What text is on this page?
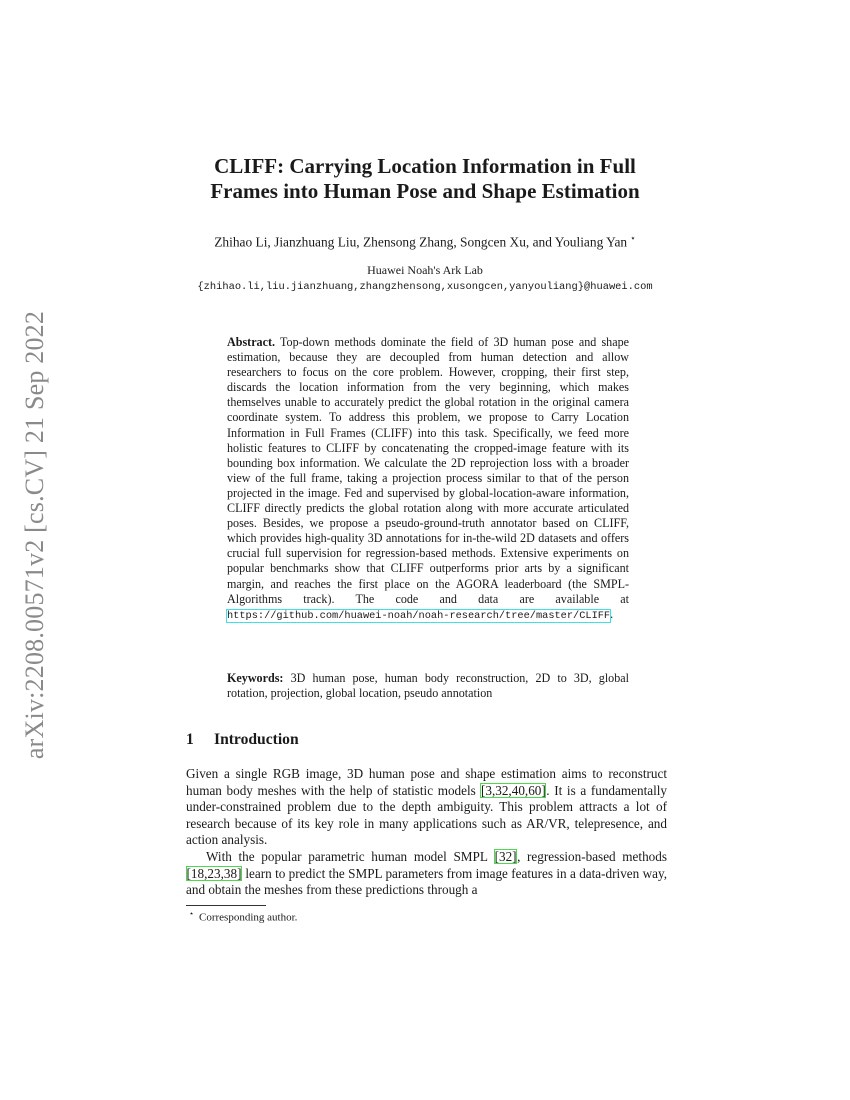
arXiv:2208.00571v2 [cs.CV] 21 Sep 2022
CLIFF: Carrying Location Information in Full
Frames into Human Pose and Shape Estimation
Zhihao Li, Jianzhuang Liu, Zhensong Zhang, Songcen Xu, and Youliang Yan ⋆
Huawei Noah's Ark Lab
{zhihao.li,liu.jianzhuang,zhangzhensong,xusongcen,yanyouliang}@huawei.com

Abstract. Top-down methods dominate the field of 3D human pose and shape estimation, because they are decoupled from human detection and allow researchers to focus on the core problem. However, cropping, their first step, discards the location information from the very beginning, which makes themselves unable to accurately predict the global rotation in the original camera coordinate system. To address this problem, we propose to Carry Location Information in Full Frames (CLIFF) into this task. Specifically, we feed more holistic features to CLIFF by concatenating the cropped-image feature with its bounding box information. We calculate the 2D reprojection loss with a broader view of the full frame, taking a projection process similar to that of the person projected in the image. Fed and supervised by global-location-aware information, CLIFF directly predicts the global rotation along with more accurate articulated poses. Besides, we propose a pseudo-ground-truth annotator based on CLIFF, which provides high-quality 3D annotations for in-the-wild 2D datasets and offers crucial full supervision for regression-based methods. Extensive experiments on popular benchmarks show that CLIFF outperforms prior arts by a significant margin, and reaches the first place on the AGORA leaderboard (the SMPL-Algorithms track). The code and data are available at https://github.com/huawei-noah/noah-research/tree/master/CLIFF.

Keywords: 3D human pose, human body reconstruction, 2D to 3D, global rotation, projection, global location, pseudo annotation
1 Introduction

Given a single RGB image, 3D human pose and shape estimation aims to reconstruct human body meshes with the help of statistic models [3,32,40,60]. It is a fundamentally under-constrained problem due to the depth ambiguity. This problem attracts a lot of research because of its key role in many applications such as AR/VR, telepresence, and action analysis.

With the popular parametric human model SMPL [32], regression-based methods [18,23,38] learn to predict the SMPL parameters from image features in a data-driven way, and obtain the meshes from these predictions through a

⋆ Corresponding author.
